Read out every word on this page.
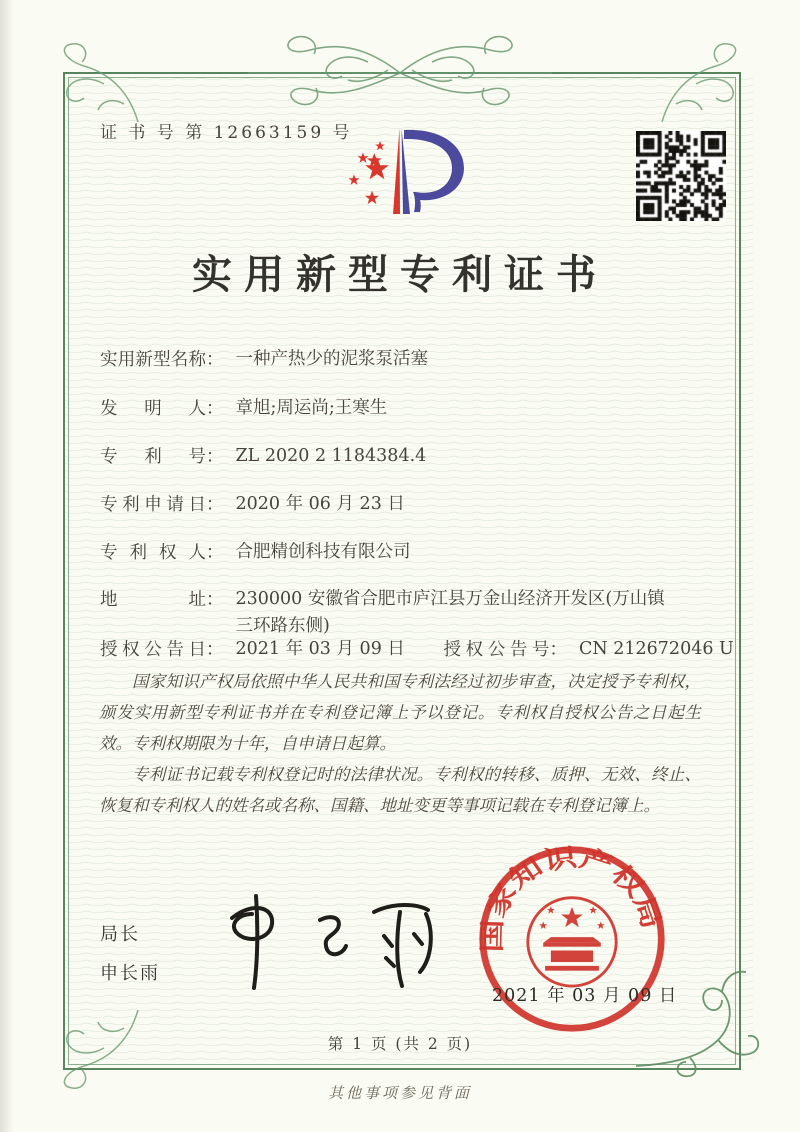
证 书 号 第 12663159 号
实用新型专利证书
实用新型名称 ： 一种产热少的泥浆泵活塞
发明人 ： 章旭;周运尚;王寒生
专利号 ： ZL 2020 2 1184384.4
专利申请日 ： 2020 年 06 月 23 日
专利权人 ： 合肥精创科技有限公司
地址 ： 230000 安徽省合肥市庐江县万金山经济开发区(万山镇三环路东侧)
授权公告日 ： 2021 年 03 月 09 日	授权公告号 ： CN 212672046 U

国家知识产权局依照中华人民共和国专利法经过初步审查，决定授予专利权，颁发实用新型专利证书并在专利登记簿上予以登记。专利权自授权公告之日起生效。专利权期限为十年，自申请日起算。

专利证书记载专利权登记时的法律状况。专利权的转移、质押、无效、终止、恢复和专利权人的姓名或名称、国籍、地址变更等事项记载在专利登记簿上。

局长
申长雨
国家知识产权局
2021 年 03 月 09 日
第 1 页 (共 2 页)
其他事项参见背面
